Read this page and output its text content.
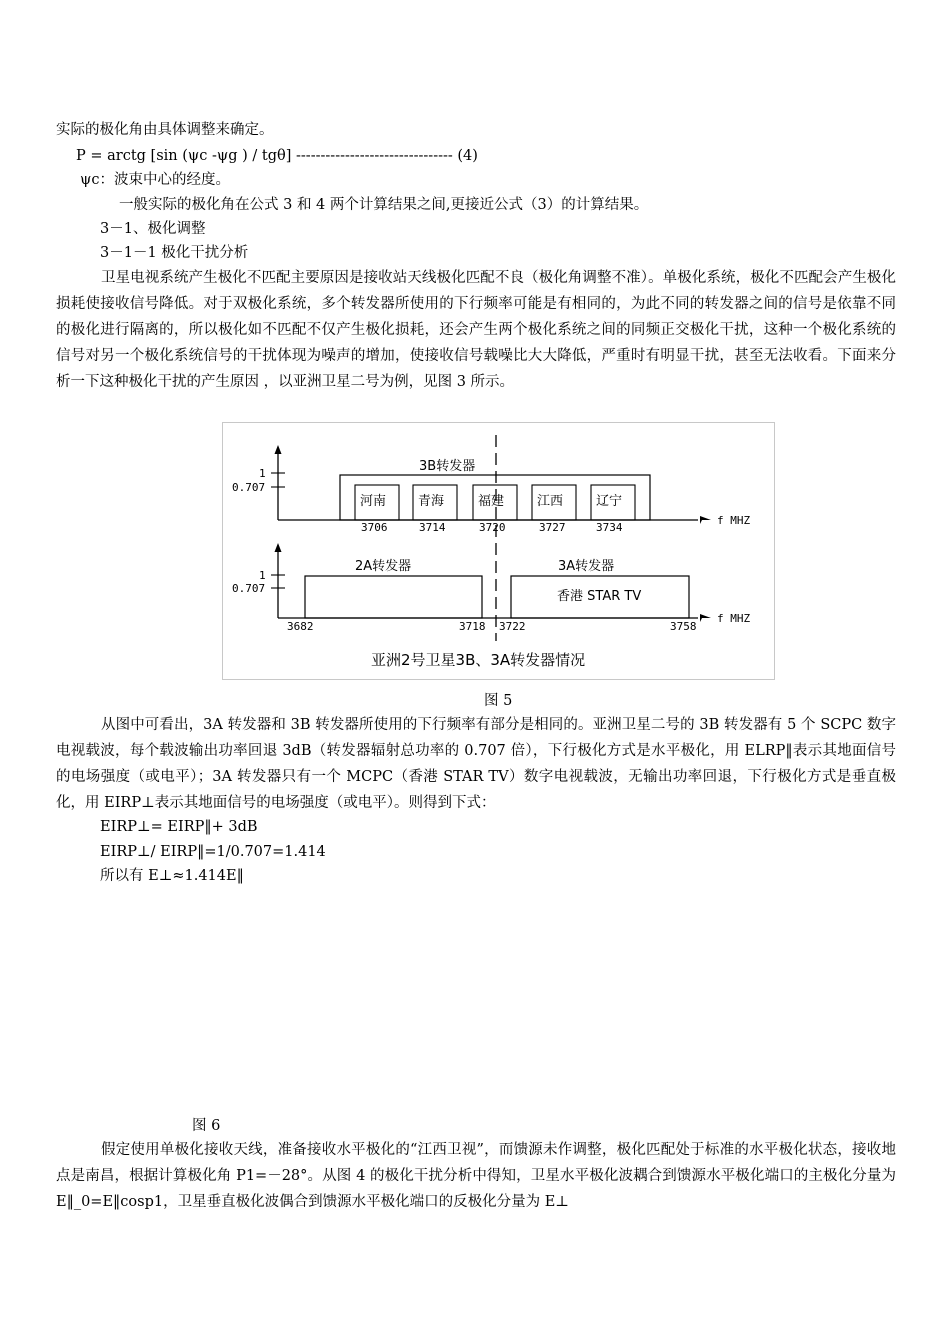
实际的极化角由具体调整来确定。
P = arctg [sin (ψc -ψg ) / tgθ] -------------------------------- (4)
ψc：波束中心的经度。
一般实际的极化角在公式 3 和 4 两个计算结果之间,更接近公式（3）的计算结果。
3－1、极化调整
3－1－1 极化干扰分析
卫星电视系统产生极化不匹配主要原因是接收站天线极化匹配不良（极化角调整不准）。单极化系统，极化不匹配会产生极化损耗使接收信号降低。对于双极化系统，多个转发器所使用的下行频率可能是有相同的，为此不同的转发器之间的信号是依靠不同的极化进行隔离的，所以极化如不匹配不仅产生极化损耗，还会产生两个极化系统之间的同频正交极化干扰，这种一个极化系统的信号对另一个极化系统信号的干扰体现为噪声的增加，使接收信号载噪比大大降低，严重时有明显干扰，甚至无法收看。下面来分析一下这种极化干扰的产生原因 ，以亚洲卫星二号为例，见图 3 所示。
1
0.707
3B转发器
河南 青海	福建	江西	辽宁
3706	3714	3720	3727	3734
f MHZ
1
0.707
2A转发器	3A转发器
香港 STAR TV
3682	3718 3722	3758
f MHZ
亚洲2号卫星3B、3A转发器情况
图 5
从图中可看出，3A 转发器和 3B 转发器所使用的下行频率有部分是相同的。亚洲卫星二号的 3B 转发器有 5 个 SCPC 数字电视载波，每个载波输出功率回退 3dB（转发器辐射总功率的 0.707 倍），下行极化方式是水平极化，用 ELRP‖表示其地面信号的电场强度（或电平）；3A 转发器只有一个 MCPC（香港 STAR TV）数字电视载波，无输出功率回退，下行极化方式是垂直极化，用 EIRP⊥表示其地面信号的电场强度（或电平）。则得到下式：
EIRP⊥= EIRP‖+ 3dB
EIRP⊥/ EIRP‖=1/0.707=1.414
所以有 E⊥≈1.414E‖
图 6
假定使用单极化接收天线，准备接收水平极化的“江西卫视”，而馈源未作调整，极化匹配处于标准的水平极化状态，接收地点是南昌，根据计算极化角 P1=－28°。从图 4 的极化干扰分析中得知，卫星水平极化波耦合到馈源水平极化端口的主极化分量为 E‖_0=E‖cosp1，卫星垂直极化波偶合到馈源水平极化端口的反极化分量为 E⊥
